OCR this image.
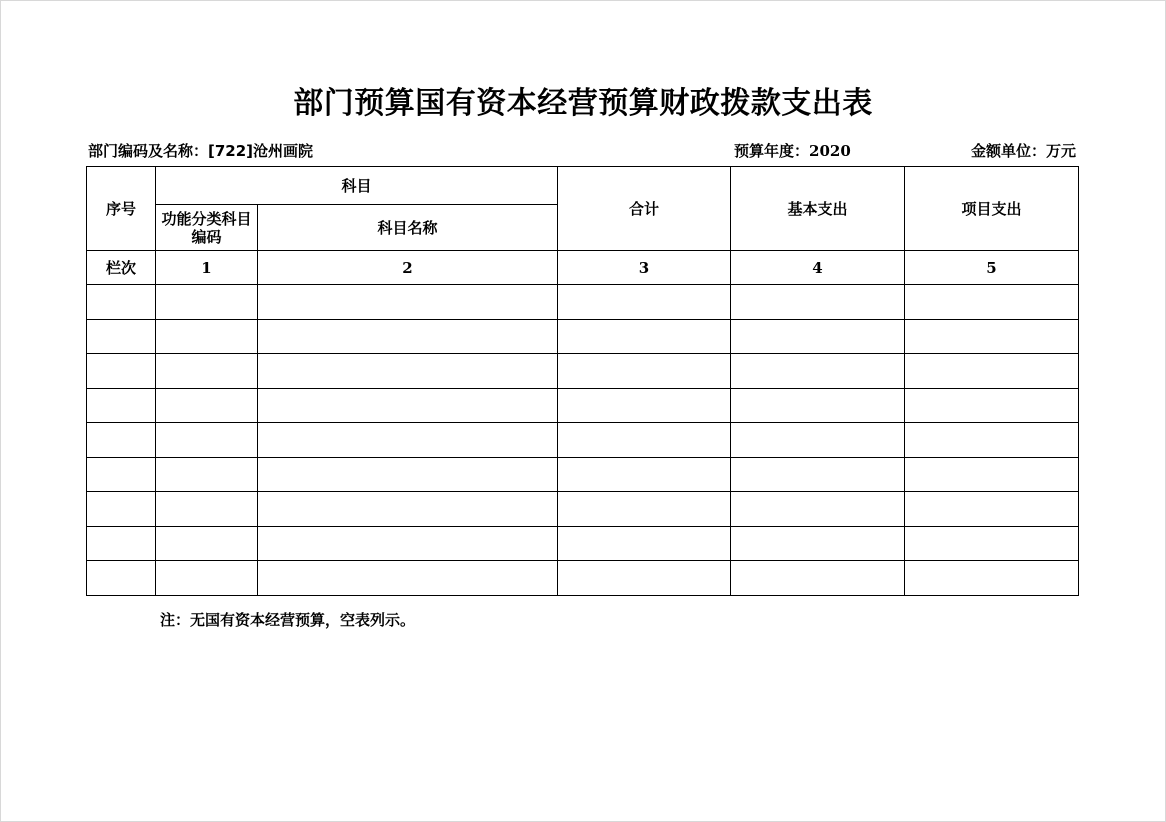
部门预算国有资本经营预算财政拨款支出表
部门编码及名称：[722]沧州画院	预算年度：2020	金额单位：万元
序号	科目		合计	基本支出	项目支出
	功能分类科目编码	科目名称			
栏次	1	2	3	4	5

注：无国有资本经营预算，空表列示。
